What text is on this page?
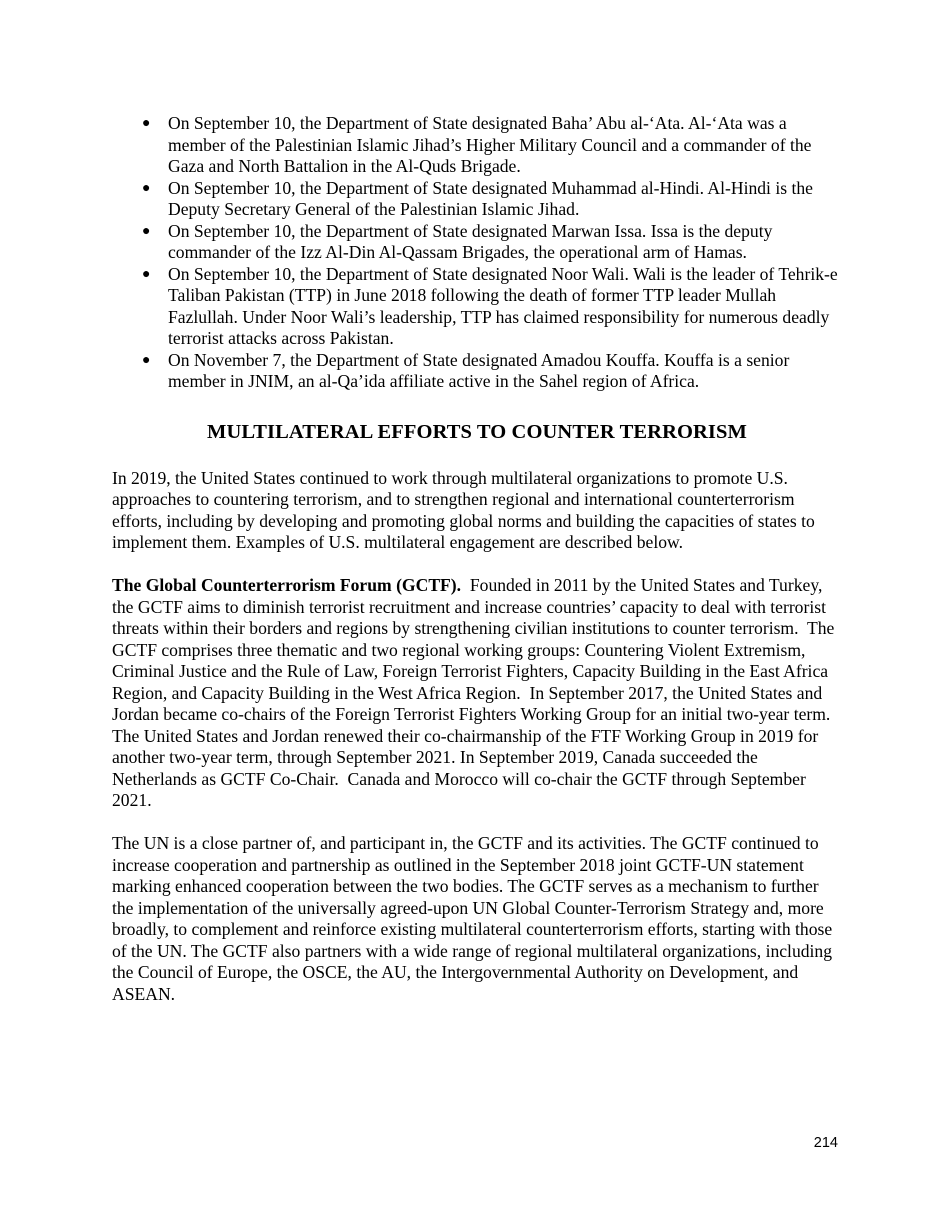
● On September 10, the Department of State designated Baha’ Abu al-‘Ata. Al-‘Ata was a member of the Palestinian Islamic Jihad’s Higher Military Council and a commander of the Gaza and North Battalion in the Al-Quds Brigade.
● On September 10, the Department of State designated Muhammad al-Hindi. Al-Hindi is the Deputy Secretary General of the Palestinian Islamic Jihad.
● On September 10, the Department of State designated Marwan Issa. Issa is the deputy commander of the Izz Al-Din Al-Qassam Brigades, the operational arm of Hamas.
● On September 10, the Department of State designated Noor Wali. Wali is the leader of Tehrik-e Taliban Pakistan (TTP) in June 2018 following the death of former TTP leader Mullah Fazlullah. Under Noor Wali’s leadership, TTP has claimed responsibility for numerous deadly terrorist attacks across Pakistan.
● On November 7, the Department of State designated Amadou Kouffa. Kouffa is a senior member in JNIM, an al-Qa’ida affiliate active in the Sahel region of Africa.
MULTILATERAL EFFORTS TO COUNTER TERRORISM

In 2019, the United States continued to work through multilateral organizations to promote U.S. approaches to countering terrorism, and to strengthen regional and international counterterrorism efforts, including by developing and promoting global norms and building the capacities of states to implement them. Examples of U.S. multilateral engagement are described below.

The Global Counterterrorism Forum (GCTF).  Founded in 2011 by the United States and Turkey, the GCTF aims to diminish terrorist recruitment and increase countries’ capacity to deal with terrorist threats within their borders and regions by strengthening civilian institutions to counter terrorism.  The GCTF comprises three thematic and two regional working groups: Countering Violent Extremism, Criminal Justice and the Rule of Law, Foreign Terrorist Fighters, Capacity Building in the East Africa Region, and Capacity Building in the West Africa Region.  In September 2017, the United States and Jordan became co-chairs of the Foreign Terrorist Fighters Working Group for an initial two-year term.  The United States and Jordan renewed their co-chairmanship of the FTF Working Group in 2019 for another two-year term, through September 2021. In September 2019, Canada succeeded the Netherlands as GCTF Co-Chair.  Canada and Morocco will co-chair the GCTF through September 2021.

The UN is a close partner of, and participant in, the GCTF and its activities. The GCTF continued to increase cooperation and partnership as outlined in the September 2018 joint GCTF-UN statement marking enhanced cooperation between the two bodies. The GCTF serves as a mechanism to further the implementation of the universally agreed-upon UN Global Counter-Terrorism Strategy and, more broadly, to complement and reinforce existing multilateral counterterrorism efforts, starting with those of the UN. The GCTF also partners with a wide range of regional multilateral organizations, including the Council of Europe, the OSCE, the AU, the Intergovernmental Authority on Development, and ASEAN.

214
